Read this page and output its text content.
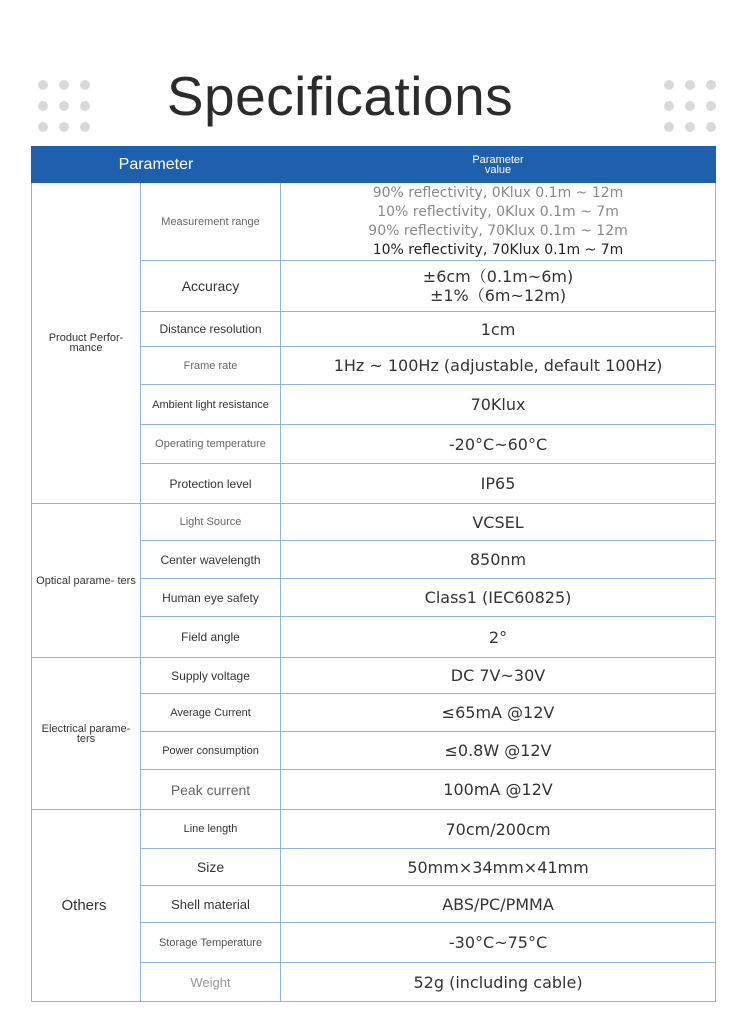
Specifications
Parameter		Parameter
value

Product Perfor- mance	Measurement range	90% reflectivity, 0Klux 0.1m ~ 12m
10% reflectivity, 0Klux 0.1m ~ 7m
90% reflectivity, 70Klux 0.1m ~ 12m
10% reflectivity, 70Klux 0.1m ~ 7m

	Accuracy	±6cm（0.1m~6m)
±1%（6m~12m)

	Distance resolution	1cm
	Frame rate	1Hz ~ 100Hz (adjustable, default 100Hz)
	Ambient light resistance	70Klux
	Operating temperature	-20°C~60°C
	Protection level	IP65
Optical parame- ters	Light Source	VCSEL
	Center wavelength	850nm
	Human eye safety	Class1 (IEC60825)
	Field angle	2°
Electrical parame- ters	Supply voltage	DC 7V~30V
	Average Current	≤65mA @12V
	Power consumption	≤0.8W @12V
	Peak current	100mA @12V
Others	Line length	70cm/200cm
	Size	50mm×34mm×41mm
	Shell material	ABS/PC/PMMA
	Storage Temperature	-30°C~75°C
	Weight	52g (including cable)
